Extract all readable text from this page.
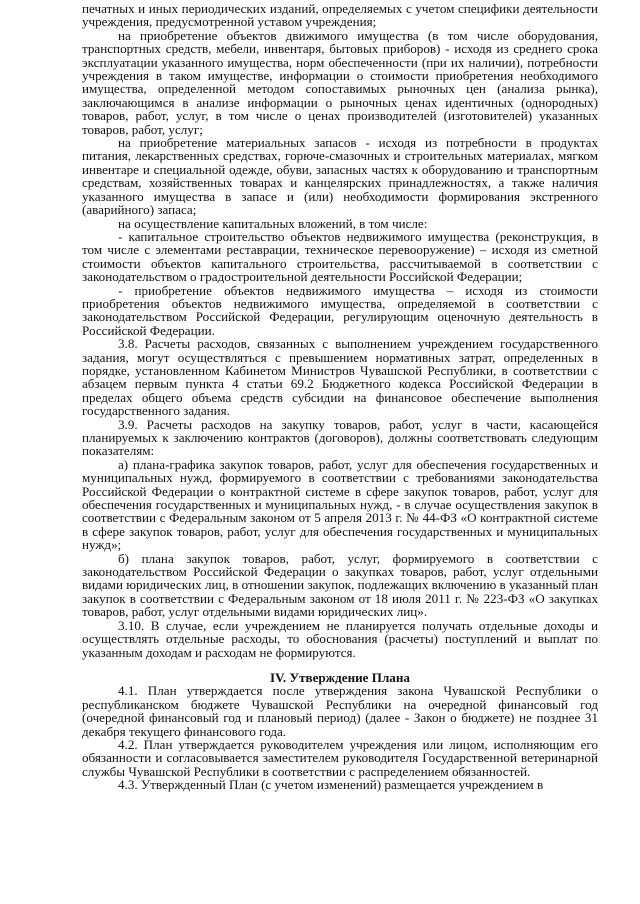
печатных и иных периодических изданий, определяемых с учетом специфики деятельности учреждения, предусмотренной уставом учреждения;

на приобретение объектов движимого имущества (в том числе оборудования, транспортных средств, мебели, инвентаря, бытовых приборов) - исходя из среднего срока эксплуатации указанного имущества, норм обеспеченности (при их наличии), потребности учреждения в таком имуществе, информации о стоимости приобретения необходимого имущества, определенной методом сопоставимых рыночных цен (анализа рынка), заключающимся в анализе информации о рыночных ценах идентичных (однородных) товаров, работ, услуг, в том числе о ценах производителей (изготовителей) указанных товаров, работ, услуг;

на приобретение материальных запасов - исходя из потребности в продуктах питания, лекарственных средствах, горюче-смазочных и строительных материалах, мягком инвентаре и специальной одежде, обуви, запасных частях к оборудованию и транспортным средствам, хозяйственных товарах и канцелярских принадлежностях, а также наличия указанного имущества в запасе и (или) необходимости формирования экстренного (аварийного) запаса;

на осуществление капитальных вложений, в том числе:

- капитальное строительство объектов недвижимого имущества (реконструкция, в том числе с элементами реставрации, техническое перевооружение) – исходя из сметной стоимости объектов капитального строительства, рассчитываемой в соответствии с законодательством о градостроительной деятельности Российской Федерации;

- приобретение объектов недвижимого имущества – исходя из стоимости приобретения объектов недвижимого имущества, определяемой в соответствии с законодательством Российской Федерации, регулирующим оценочную деятельность в Российской Федерации.

3.8. Расчеты расходов, связанных с выполнением учреждением государственного задания, могут осуществляться с превышением нормативных затрат, определенных в порядке, установленном Кабинетом Министров Чувашской Республики, в соответствии с абзацем первым пункта 4 статьи 69.2 Бюджетного кодекса Российской Федерации в пределах общего объема средств субсидии на финансовое обеспечение выполнения государственного задания.

3.9. Расчеты расходов на закупку товаров, работ, услуг в части, касающейся планируемых к заключению контрактов (договоров), должны соответствовать следующим показателям:

а) плана-графика закупок товаров, работ, услуг для обеспечения государственных и муниципальных нужд, формируемого в соответствии с требованиями законодательства Российской Федерации о контрактной системе в сфере закупок товаров, работ, услуг для обеспечения государственных и муниципальных нужд, - в случае осуществления закупок в соответствии с Федеральным законом от 5 апреля 2013 г. № 44-ФЗ «О контрактной системе в сфере закупок товаров, работ, услуг для обеспечения государственных и муниципальных нужд»;

б) плана закупок товаров, работ, услуг, формируемого в соответствии с законодательством Российской Федерации о закупках товаров, работ, услуг отдельными видами юридических лиц, в отношении закупок, подлежащих включению в указанный план закупок в соответствии с Федеральным законом от 18 июля 2011 г. № 223-ФЗ «О закупках товаров, работ, услуг отдельными видами юридических лиц».

3.10. В случае, если учреждением не планируется получать отдельные доходы и осуществлять отдельные расходы, то обоснования (расчеты) поступлений и выплат по указанным доходам и расходам не формируются.

IV. Утверждение Плана

4.1. План утверждается после утверждения закона Чувашской Республики о республиканском бюджете Чувашской Республики на очередной финансовый год (очередной финансовый год и плановый период) (далее - Закон о бюджете) не позднее 31 декабря текущего финансового года.

4.2. План утверждается руководителем учреждения или лицом, исполняющим его обязанности и согласовывается заместителем руководителя Государственной ветеринарной службы Чувашской Республики в соответствии с распределением обязанностей.

4.3. Утвержденный План (с учетом изменений) размещается учреждением в
